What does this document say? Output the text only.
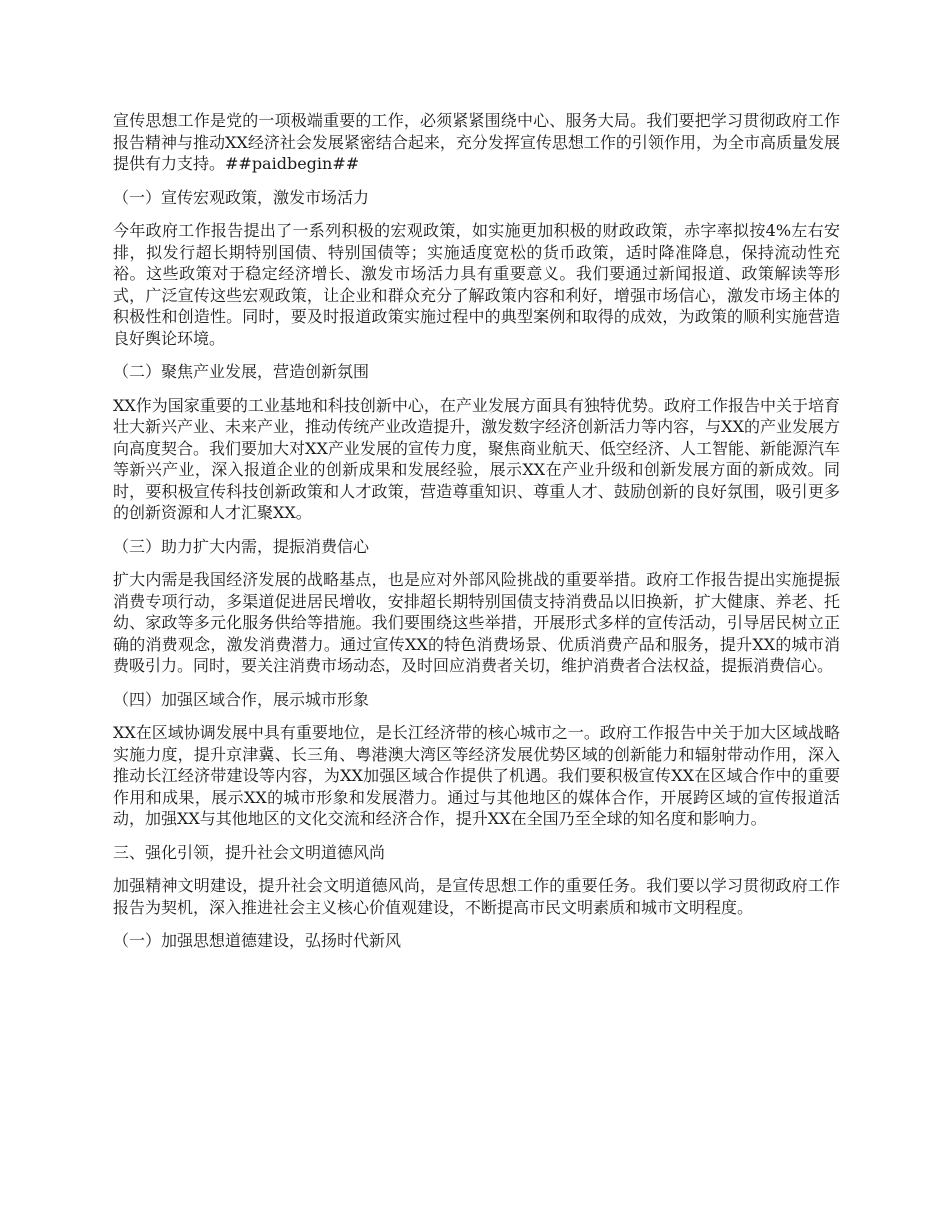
宣传思想工作是党的一项极端重要的工作，必须紧紧围绕中心、服务大局。我们要把学习贯彻政府工作报告精神与推动XX经济社会发展紧密结合起来，充分发挥宣传思想工作的引领作用，为全市高质量发展提供有力支持。##paidbegin##

（一）宣传宏观政策，激发市场活力

今年政府工作报告提出了一系列积极的宏观政策，如实施更加积极的财政政策，赤字率拟按4%左右安排，拟发行超长期特别国债、特别国债等；实施适度宽松的货币政策，适时降准降息，保持流动性充裕。这些政策对于稳定经济增长、激发市场活力具有重要意义。我们要通过新闻报道、政策解读等形式，广泛宣传这些宏观政策，让企业和群众充分了解政策内容和利好，增强市场信心，激发市场主体的积极性和创造性。同时，要及时报道政策实施过程中的典型案例和取得的成效，为政策的顺利实施营造良好舆论环境。

（二）聚焦产业发展，营造创新氛围

XX作为国家重要的工业基地和科技创新中心，在产业发展方面具有独特优势。政府工作报告中关于培育壮大新兴产业、未来产业，推动传统产业改造提升，激发数字经济创新活力等内容，与XX的产业发展方向高度契合。我们要加大对XX产业发展的宣传力度，聚焦商业航天、低空经济、人工智能、新能源汽车等新兴产业，深入报道企业的创新成果和发展经验，展示XX在产业升级和创新发展方面的新成效。同时，要积极宣传科技创新政策和人才政策，营造尊重知识、尊重人才、鼓励创新的良好氛围，吸引更多的创新资源和人才汇聚XX。

（三）助力扩大内需，提振消费信心

扩大内需是我国经济发展的战略基点，也是应对外部风险挑战的重要举措。政府工作报告提出实施提振消费专项行动，多渠道促进居民增收，安排超长期特别国债支持消费品以旧换新，扩大健康、养老、托幼、家政等多元化服务供给等措施。我们要围绕这些举措，开展形式多样的宣传活动，引导居民树立正确的消费观念，激发消费潜力。通过宣传XX的特色消费场景、优质消费产品和服务，提升XX的城市消费吸引力。同时，要关注消费市场动态，及时回应消费者关切，维护消费者合法权益，提振消费信心。

（四）加强区域合作，展示城市形象

XX在区域协调发展中具有重要地位，是长江经济带的核心城市之一。政府工作报告中关于加大区域战略实施力度，提升京津冀、长三角、粤港澳大湾区等经济发展优势区域的创新能力和辐射带动作用，深入推动长江经济带建设等内容，为XX加强区域合作提供了机遇。我们要积极宣传XX在区域合作中的重要作用和成果，展示XX的城市形象和发展潜力。通过与其他地区的媒体合作，开展跨区域的宣传报道活动，加强XX与其他地区的文化交流和经济合作，提升XX在全国乃至全球的知名度和影响力。

三、强化引领，提升社会文明道德风尚

加强精神文明建设，提升社会文明道德风尚，是宣传思想工作的重要任务。我们要以学习贯彻政府工作报告为契机，深入推进社会主义核心价值观建设，不断提高市民文明素质和城市文明程度。

（一）加强思想道德建设，弘扬时代新风
